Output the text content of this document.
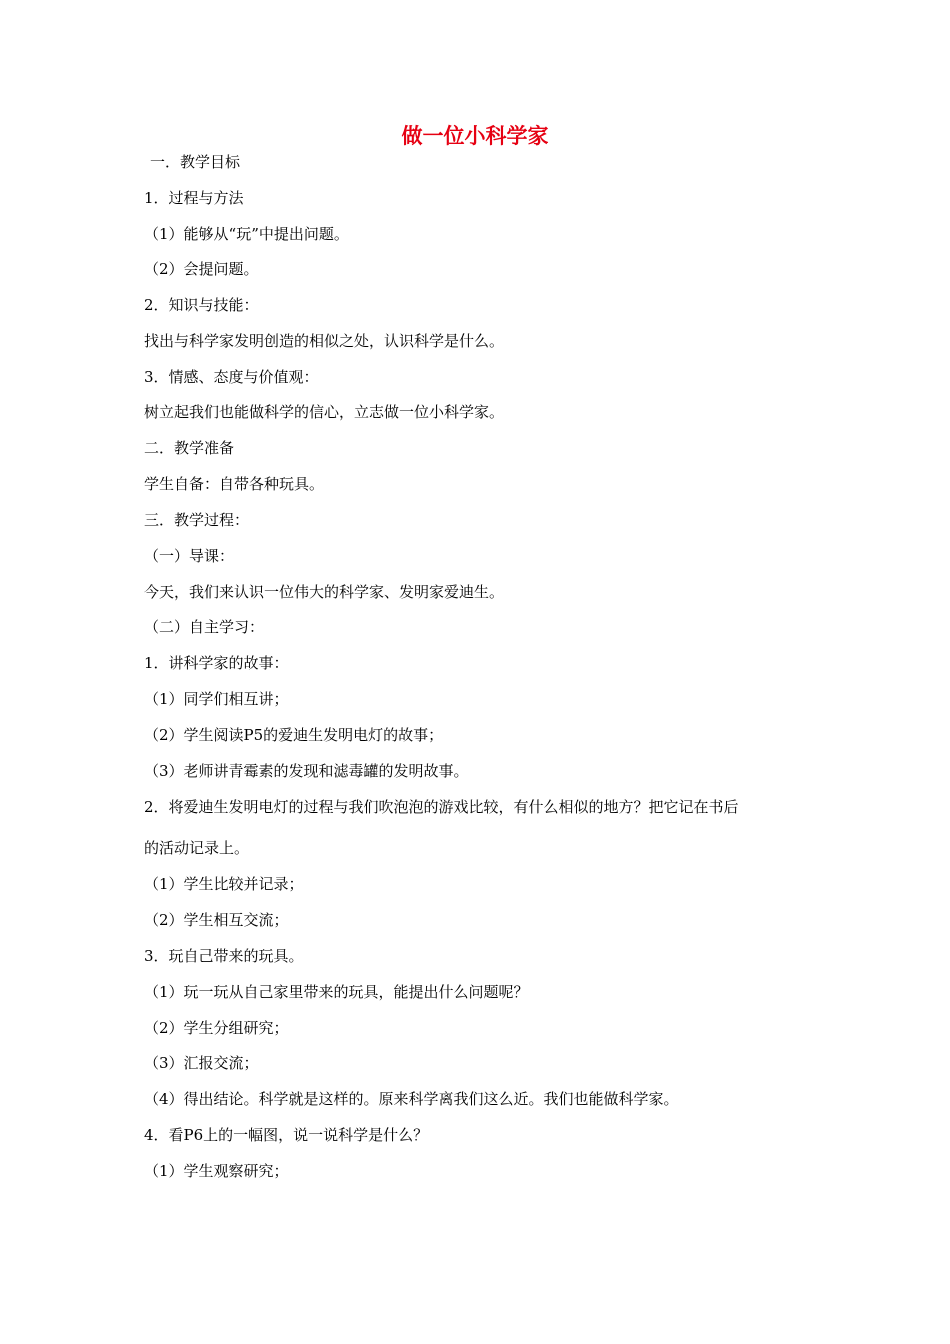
做一位小科学家
一．教学目标
1．过程与方法
（1）能够从“玩”中提出问题。
（2）会提问题。
2．知识与技能：
找出与科学家发明创造的相似之处，认识科学是什么。
3．情感、态度与价值观：
树立起我们也能做科学的信心，立志做一位小科学家。
二．教学准备
学生自备：自带各种玩具。
三．教学过程：
（一）导课：
今天，我们来认识一位伟大的科学家、发明家爱迪生。
（二）自主学习：
1．讲科学家的故事：
（1）同学们相互讲；
（2）学生阅读P5的爱迪生发明电灯的故事；
（3）老师讲青霉素的发现和滤毒罐的发明故事。
2．将爱迪生发明电灯的过程与我们吹泡泡的游戏比较，有什么相似的地方？把它记在书后
的活动记录上。
（1）学生比较并记录；
（2）学生相互交流；
3．玩自己带来的玩具。
（1）玩一玩从自己家里带来的玩具，能提出什么问题呢？
（2）学生分组研究；
（3）汇报交流；
（4）得出结论。科学就是这样的。原来科学离我们这么近。我们也能做科学家。
4．看P6上的一幅图，说一说科学是什么？
（1）学生观察研究；
